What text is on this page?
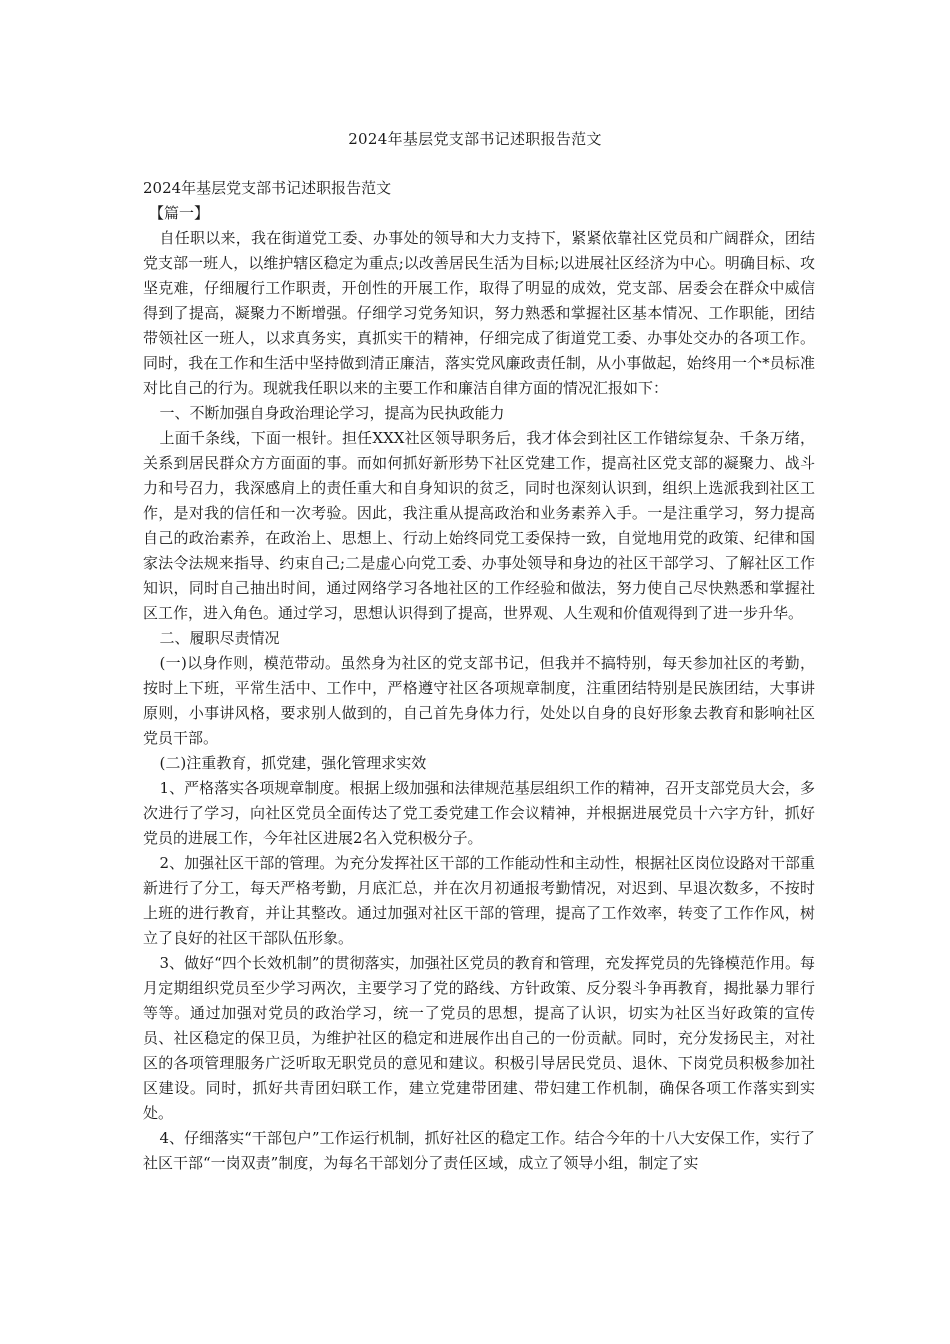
2024年基层党支部书记述职报告范文

2024年基层党支部书记述职报告范文

【篇一】

自任职以来，我在街道党工委、办事处的领导和大力支持下，紧紧依靠社区党员和广阔群众，团结党支部一班人，以维护辖区稳定为重点;以改善居民生活为目标;以进展社区经济为中心。明确目标、攻坚克难，仔细履行工作职责，开创性的开展工作，取得了明显的成效，党支部、居委会在群众中威信得到了提高，凝聚力不断增强。仔细学习党务知识，努力熟悉和掌握社区基本情况、工作职能，团结带领社区一班人，以求真务实，真抓实干的精神，仔细完成了街道党工委、办事处交办的各项工作。同时，我在工作和生活中坚持做到清正廉洁，落实党风廉政责任制，从小事做起，始终用一个*员标准对比自己的行为。现就我任职以来的主要工作和廉洁自律方面的情况汇报如下：

一、不断加强自身政治理论学习，提高为民执政能力

上面千条线，下面一根针。担任XXX社区领导职务后，我才体会到社区工作错综复杂、千条万绪，关系到居民群众方方面面的事。而如何抓好新形势下社区党建工作，提高社区党支部的凝聚力、战斗力和号召力，我深感肩上的责任重大和自身知识的贫乏，同时也深刻认识到，组织上选派我到社区工作，是对我的信任和一次考验。因此，我注重从提高政治和业务素养入手。一是注重学习，努力提高自己的政治素养，在政治上、思想上、行动上始终同党工委保持一致，自觉地用党的政策、纪律和国家法令法规来指导、约束自己;二是虚心向党工委、办事处领导和身边的社区干部学习、了解社区工作知识，同时自己抽出时间，通过网络学习各地社区的工作经验和做法，努力使自己尽快熟悉和掌握社区工作，进入角色。通过学习，思想认识得到了提高，世界观、人生观和价值观得到了进一步升华。

二、履职尽责情况

(一)以身作则，模范带动。虽然身为社区的党支部书记，但我并不搞特别，每天参加社区的考勤，按时上下班，平常生活中、工作中，严格遵守社区各项规章制度，注重团结特别是民族团结，大事讲原则，小事讲风格，要求别人做到的，自己首先身体力行，处处以自身的良好形象去教育和影响社区党员干部。

(二)注重教育，抓党建，强化管理求实效

1、严格落实各项规章制度。根据上级加强和法律规范基层组织工作的精神，召开支部党员大会，多次进行了学习，向社区党员全面传达了党工委党建工作会议精神，并根据进展党员十六字方针，抓好党员的进展工作，今年社区进展2名入党积极分子。

2、加强社区干部的管理。为充分发挥社区干部的工作能动性和主动性，根据社区岗位设路对干部重新进行了分工，每天严格考勤，月底汇总，并在次月初通报考勤情况，对迟到、早退次数多，不按时上班的进行教育，并让其整改。通过加强对社区干部的管理，提高了工作效率，转变了工作作风，树立了良好的社区干部队伍形象。

3、做好“四个长效机制”的贯彻落实，加强社区党员的教育和管理，充发挥党员的先锋模范作用。每月定期组织党员至少学习两次，主要学习了党的路线、方针政策、反分裂斗争再教育，揭批暴力罪行等等。通过加强对党员的政治学习，统一了党员的思想，提高了认识，切实为社区当好政策的宣传员、社区稳定的保卫员，为维护社区的稳定和进展作出自己的一份贡献。同时，充分发扬民主，对社区的各项管理服务广泛听取无职党员的意见和建议。积极引导居民党员、退休、下岗党员积极参加社区建设。同时，抓好共青团妇联工作，建立党建带团建、带妇建工作机制，确保各项工作落实到实处。

4、仔细落实“干部包户”工作运行机制，抓好社区的稳定工作。结合今年的十八大安保工作，实行了社区干部“一岗双责”制度，为每名干部划分了责任区域，成立了领导小组，制定了实
